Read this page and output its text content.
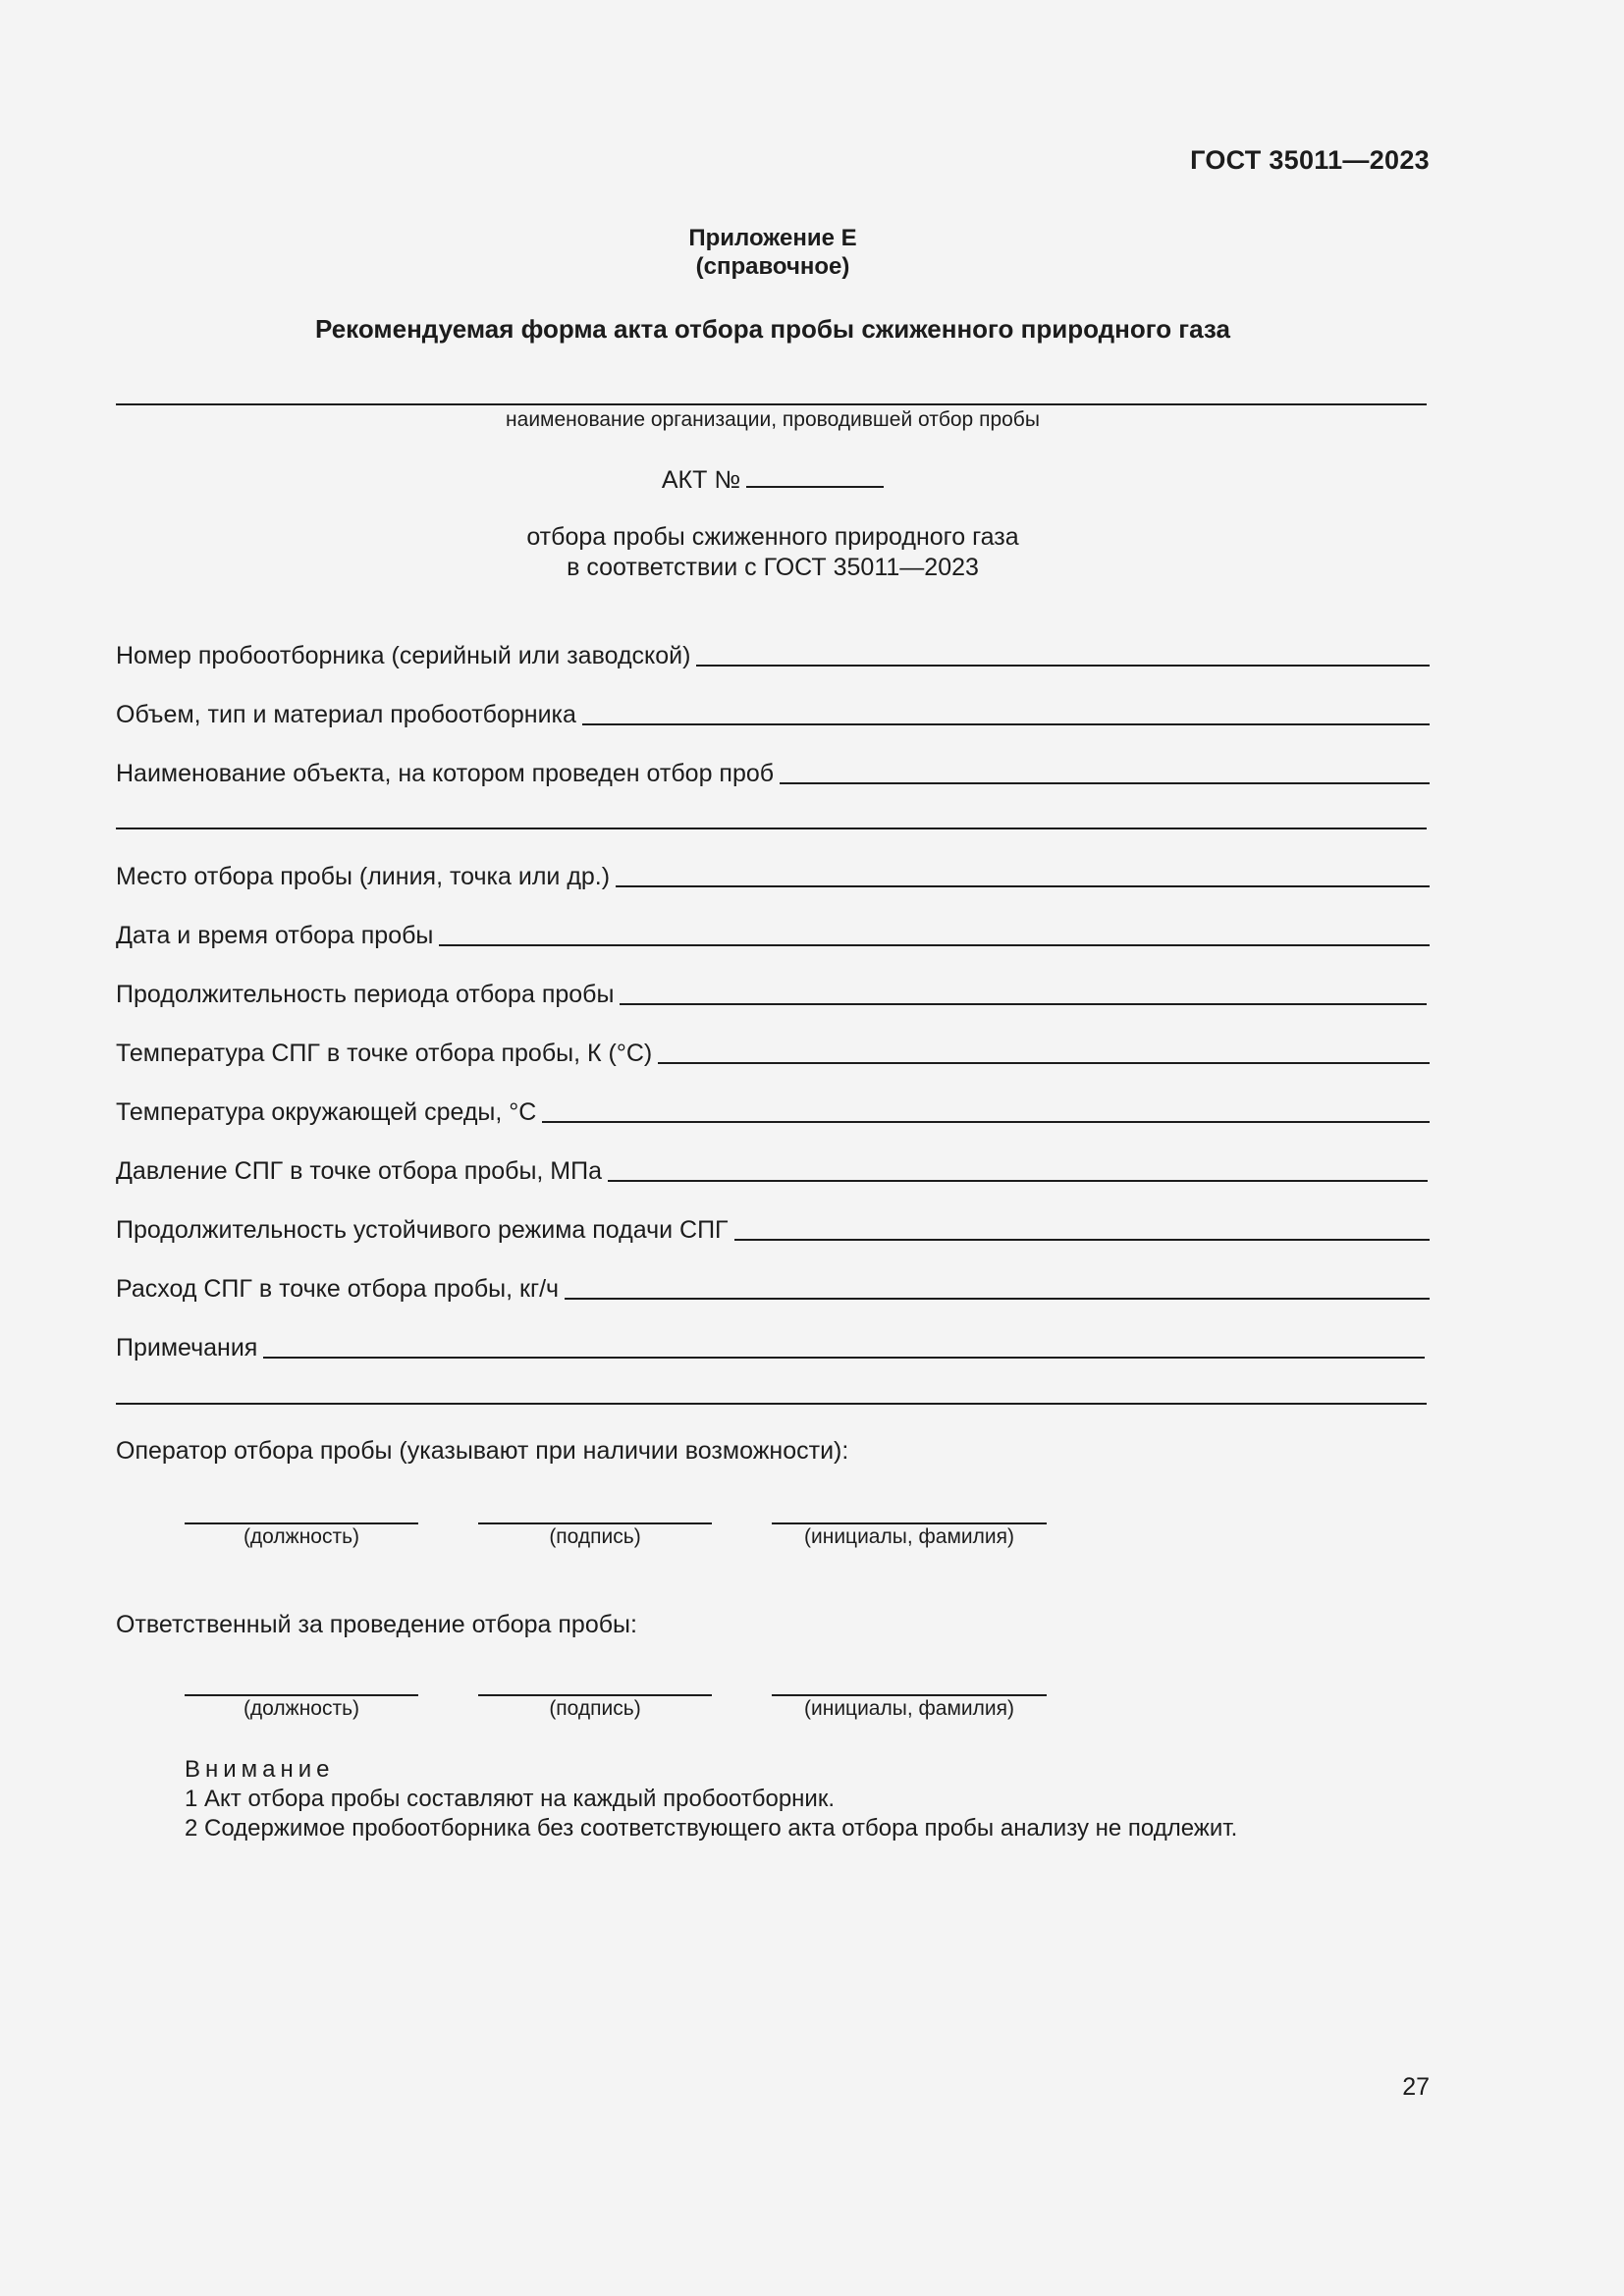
ГОСТ 35011—2023
Приложение Е
(справочное)
Рекомендуемая форма акта отбора пробы сжиженного природного газа
наименование организации, проводившей отбор пробы
АКТ №
отбора пробы сжиженного природного газа
в соответствии с ГОСТ 35011—2023
Номер пробоотборника (серийный или заводской)
Объем, тип и материал пробоотборника
Наименование объекта, на котором проведен отбор проб
Место отбора пробы (линия, точка или др.)
Дата и время отбора пробы
Продолжительность периода отбора пробы
Температура СПГ в точке отбора пробы, К (°С)
Температура окружающей среды, °С
Давление СПГ в точке отбора пробы, МПа
Продолжительность устойчивого режима подачи СПГ
Расход СПГ в точке отбора пробы, кг/ч
Примечания
Оператор отбора пробы (указывают при наличии возможности):
(должность)	(подпись)	(инициалы, фамилия)
Ответственный за проведение отбора пробы:
(должность)	(подпись)	(инициалы, фамилия)
Внимание
1 Акт отбора пробы составляют на каждый пробоотборник.
2 Содержимое пробоотборника без соответствующего акта отбора пробы анализу не подлежит.
27
